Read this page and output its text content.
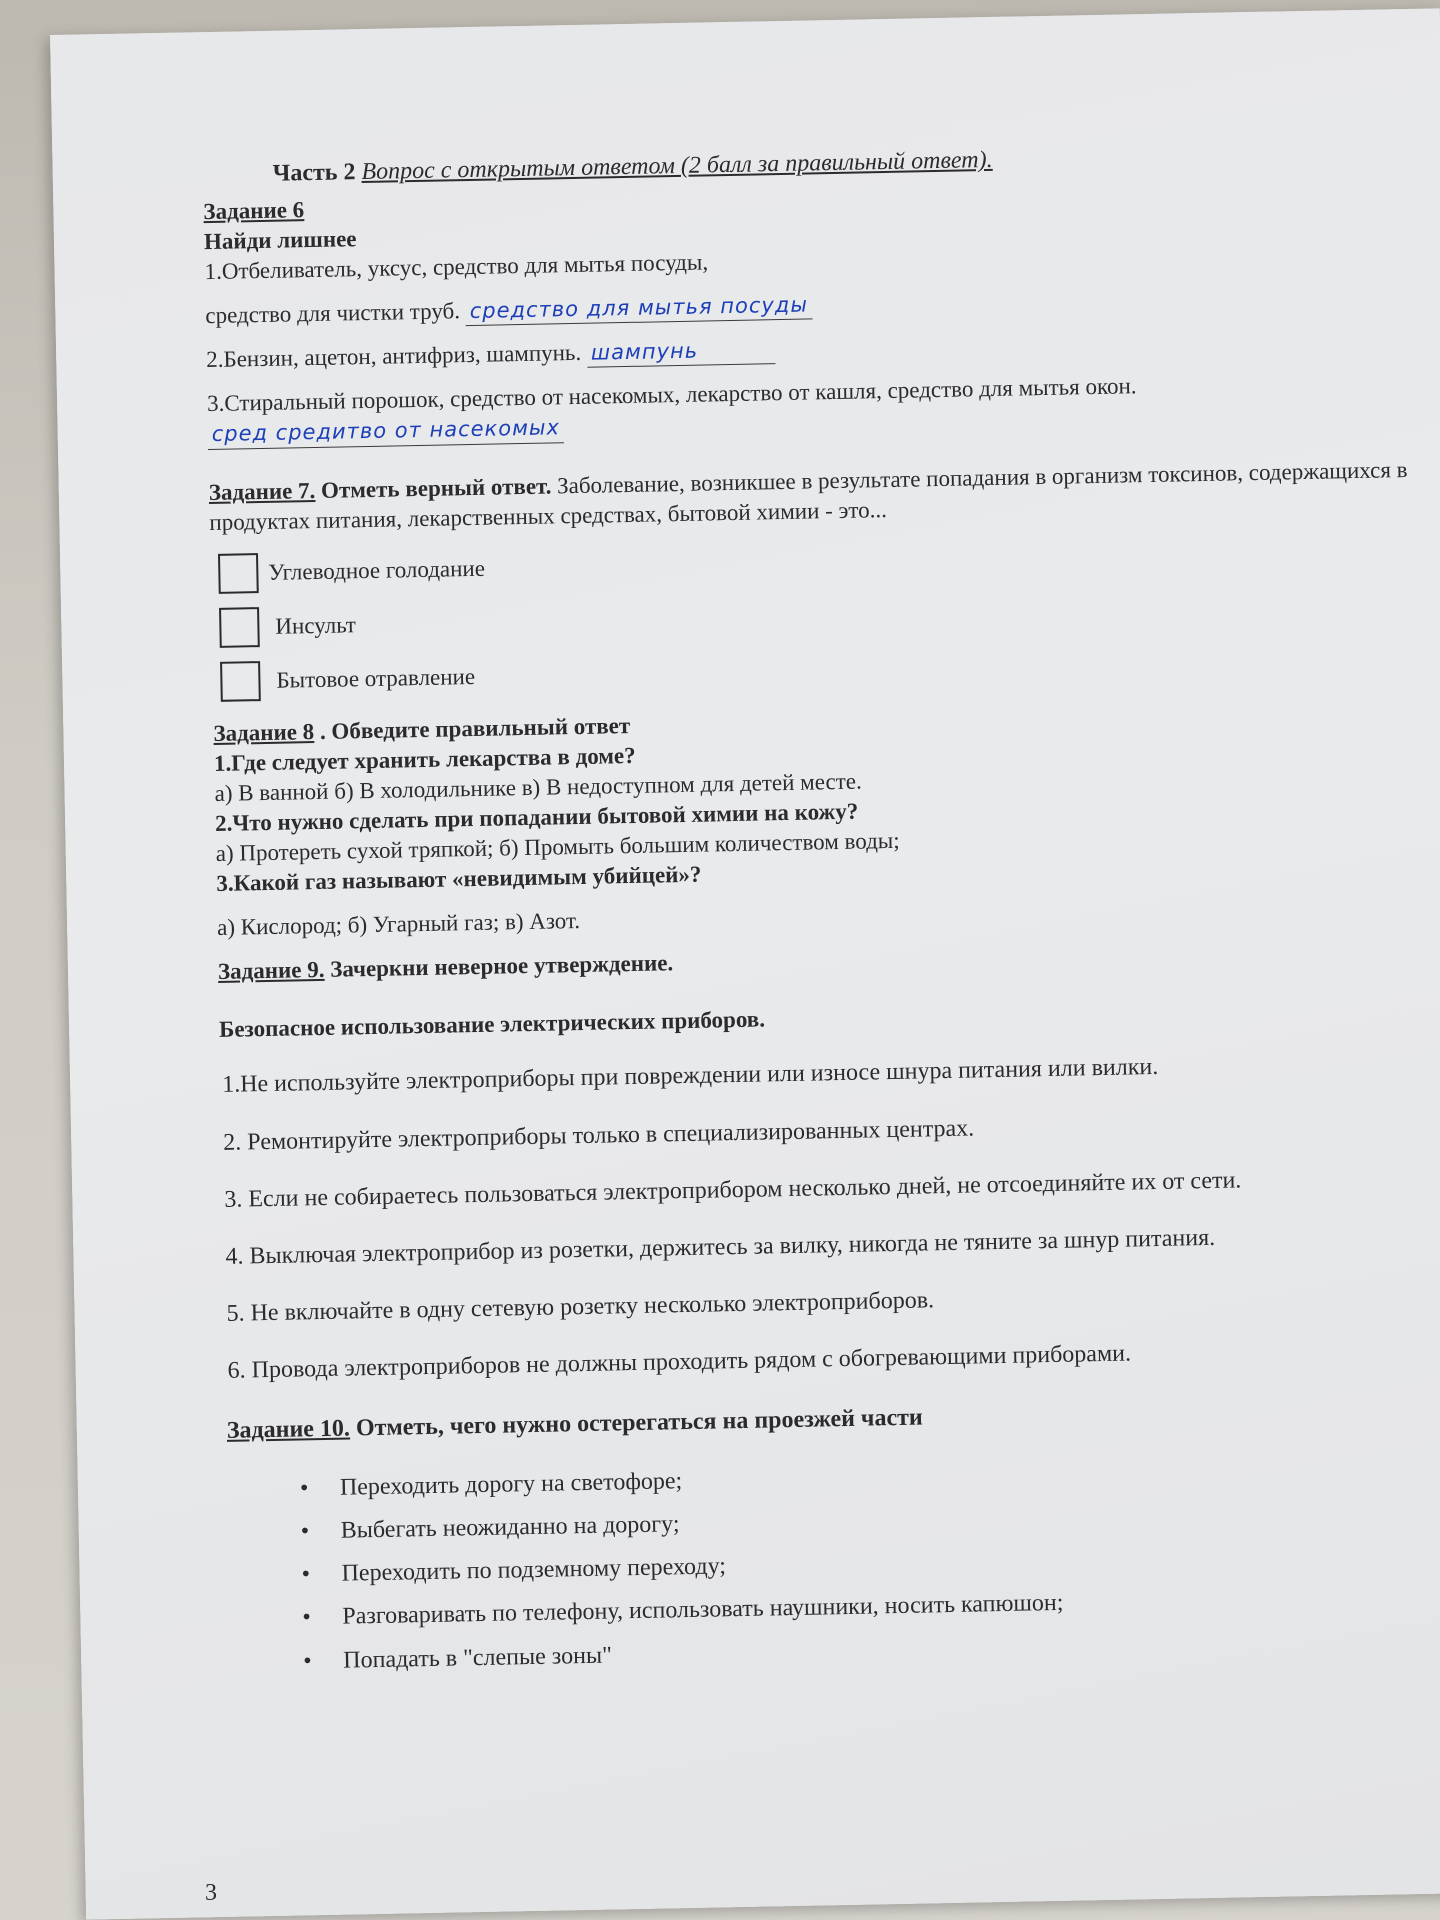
Часть 2 Вопрос с открытым ответом (2 балл за правильный ответ).
Задание 6
Найди лишнее
1.Отбеливатель, уксус, средство для мытья посуды,
средство для чистки труб. средство для мытья посуды
2.Бензин, ацетон, антифриз, шампунь. шампунь
3.Стиральный порошок, средство от насекомых, лекарство от кашля, средство для мытья окон.
сред средитво от насекомых
Задание 7. Отметь верный ответ. Заболевание, возникшее в результате попадания в организм токсинов, содержащихся в продуктах питания, лекарственных средствах, бытовой химии - это...
Углеводное голодание
Инсульт
Бытовое отравление
Задание 8 . Обведите правильный ответ
1.Где следует хранить лекарства в доме?
а) В ванной б) В холодильнике в) В недоступном для детей месте.
2.Что нужно сделать при попадании бытовой химии на кожу?
а) Протереть сухой тряпкой; б) Промыть большим количеством воды;
3.Какой газ называют «невидимым убийцей»?
а) Кислород; б) Угарный газ; в) Азот.
Задание 9. Зачеркни неверное утверждение.
Безопасное использование электрических приборов.
1.Не используйте электроприборы при повреждении или износе шнура питания или вилки.
2. Ремонтируйте электроприборы только в специализированных центрах.
3. Если не собираетесь пользоваться электроприбором несколько дней, не отсоединяйте их от сети.
4. Выключая электроприбор из розетки, держитесь за вилку, никогда не тяните за шнур питания.
5. Не включайте в одну сетевую розетку несколько электроприборов.
6. Провода электроприборов не должны проходить рядом с обогревающими приборами.
Задание 10. Отметь, чего нужно остерегаться на проезжей части
• Переходить дорогу на светофоре;
• Выбегать неожиданно на дорогу;
• Переходить по подземному переходу;
• Разговаривать по телефону, использовать наушники, носить капюшон;
• Попадать в "слепые зоны"
3
